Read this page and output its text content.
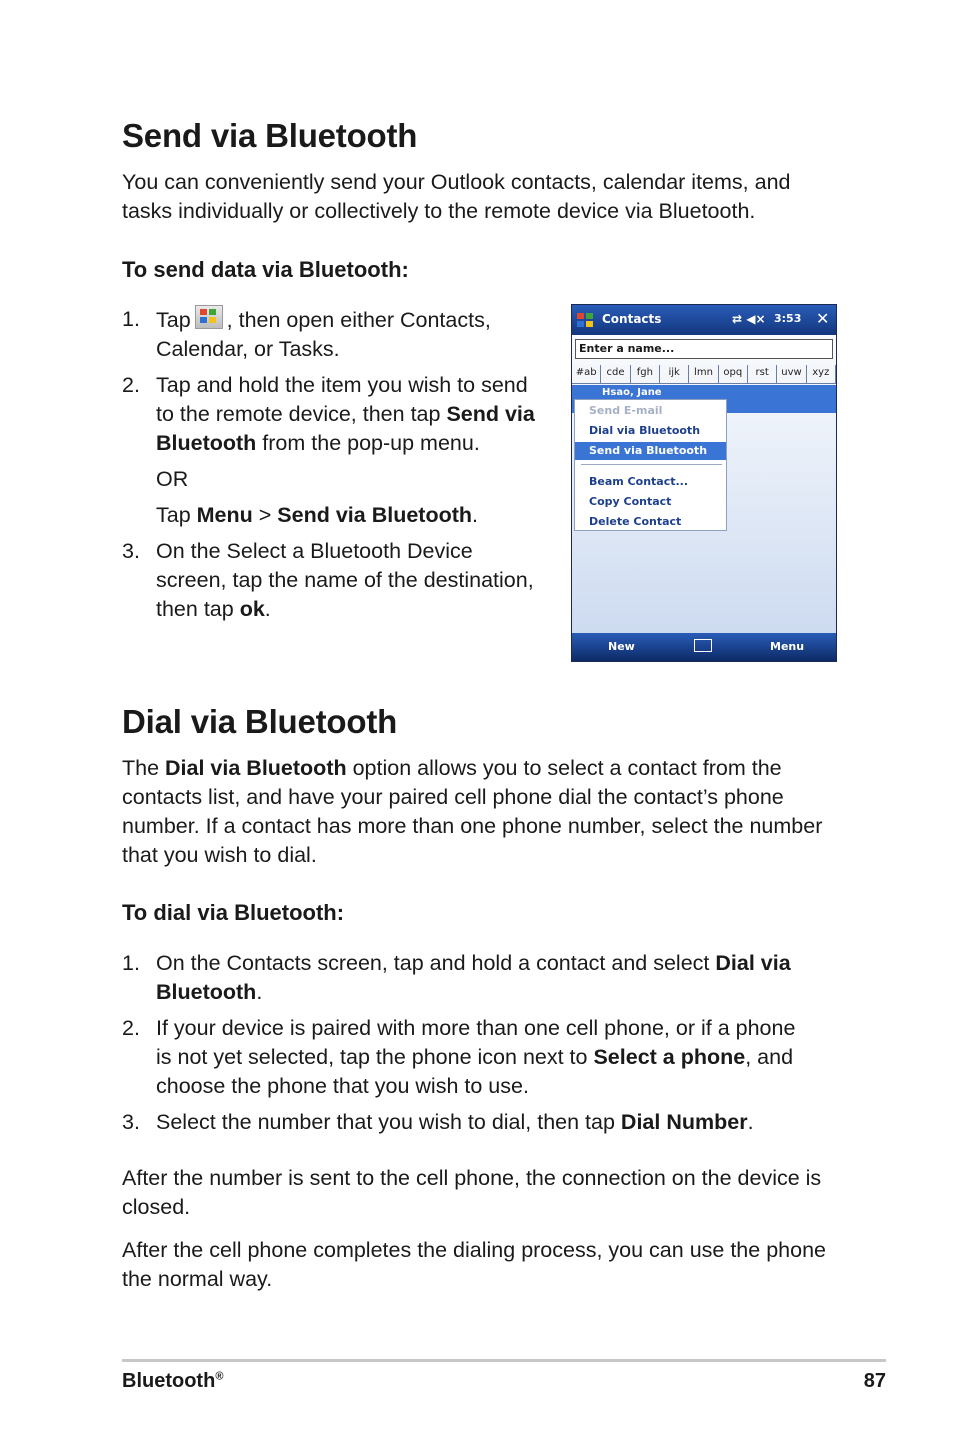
Send via Bluetooth

You can conveniently send your Outlook contacts, calendar items, and tasks individually or collectively to the remote device via Bluetooth.

To send data via Bluetooth:
1. Tap , then open either Contacts, Calendar, or Tasks.
2. Tap and hold the item you wish to send to the remote device, then tap Send via Bluetooth from the pop-up menu.
OR
Tap Menu > Send via Bluetooth.
3. On the Select a Bluetooth Device screen, tap the name of the destination, then tap ok.
Contacts	⇄ ◀× 3:53 ✕
Enter a name...
#ab cde	fgh	ijk	lmn	opq	rst	uvw	xyz
Hsao, Jane
Send E-mail
Dial via Bluetooth
Send via Bluetooth
Beam Contact...
Copy Contact
Delete Contact
New	Menu
Dial via Bluetooth

The Dial via Bluetooth option allows you to select a contact from the contacts list, and have your paired cell phone dial the contact’s phone number. If a contact has more than one phone number, select the number that you wish to dial.

To dial via Bluetooth:
1. On the Contacts screen, tap and hold a contact and select Dial via Bluetooth.
2. If your device is paired with more than one cell phone, or if a phone is not yet selected, tap the phone icon next to Select a phone, and choose the phone that you wish to use.
3. Select the number that you wish to dial, then tap Dial Number.

After the number is sent to the cell phone, the connection on the device is closed.

After the cell phone completes the dialing process, you can use the phone the normal way.

Bluetooth®	87
